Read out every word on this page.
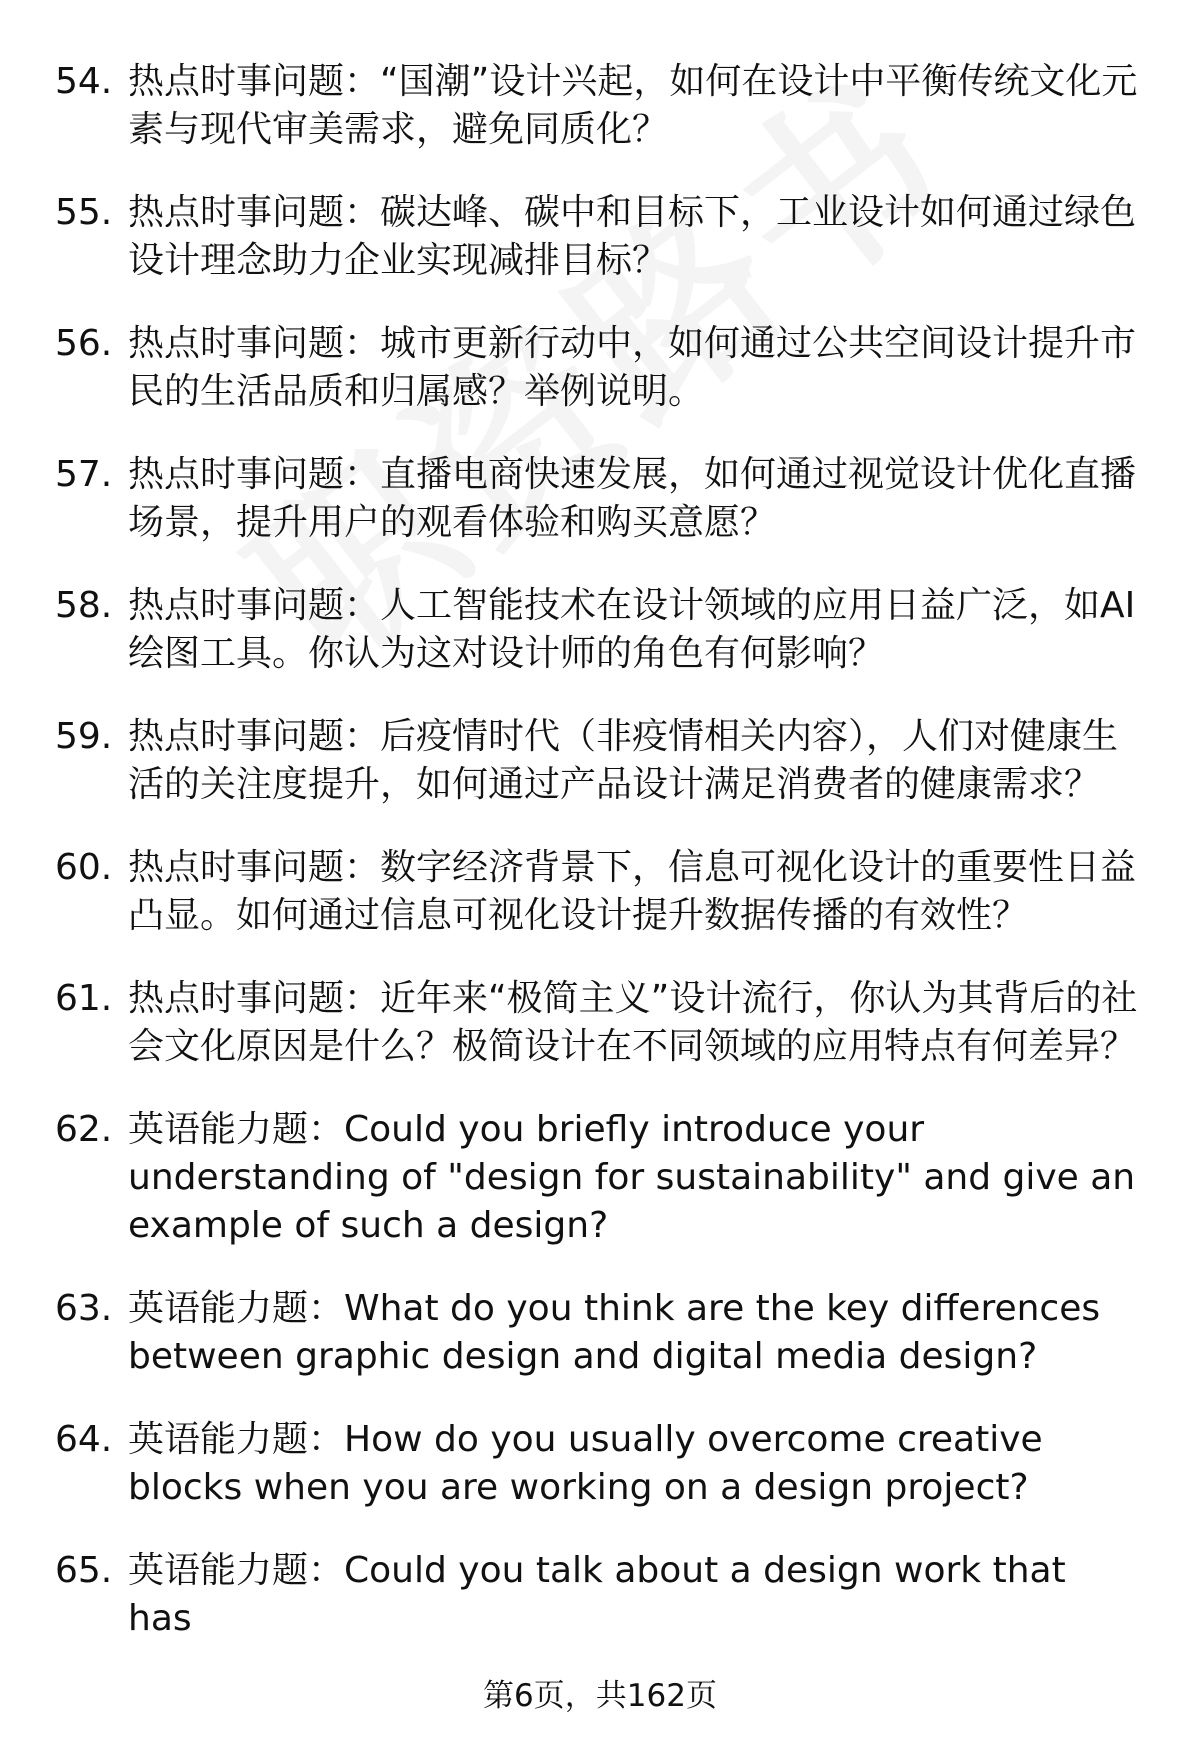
54. 热点时事问题：“国潮”设计兴起，如何在设计中平衡传统文化元素与现代审美需求，避免同质化？
55. 热点时事问题：碳达峰、碳中和目标下，工业设计如何通过绿色设计理念助力企业实现减排目标？
56. 热点时事问题：城市更新行动中，如何通过公共空间设计提升市民的生活品质和归属感？举例说明。
57. 热点时事问题：直播电商快速发展，如何通过视觉设计优化直播场景，提升用户的观看体验和购买意愿？
58. 热点时事问题：人工智能技术在设计领域的应用日益广泛，如AI绘图工具。你认为这对设计师的角色有何影响？
59. 热点时事问题：后疫情时代（非疫情相关内容），人们对健康生活的关注度提升，如何通过产品设计满足消费者的健康需求？
60. 热点时事问题：数字经济背景下，信息可视化设计的重要性日益凸显。如何通过信息可视化设计提升数据传播的有效性？
61. 热点时事问题：近年来“极简主义”设计流行，你认为其背后的社会文化原因是什么？极简设计在不同领域的应用特点有何差异？
62. 英语能力题：Could you briefly introduce your understanding of "design for sustainability" and give an example of such a design?
63. 英语能力题：What do you think are the key differences between graphic design and digital media design?
64. 英语能力题：How do you usually overcome creative blocks when you are working on a design project?
65. 英语能力题：Could you talk about a design work that has
第6页，共162页
